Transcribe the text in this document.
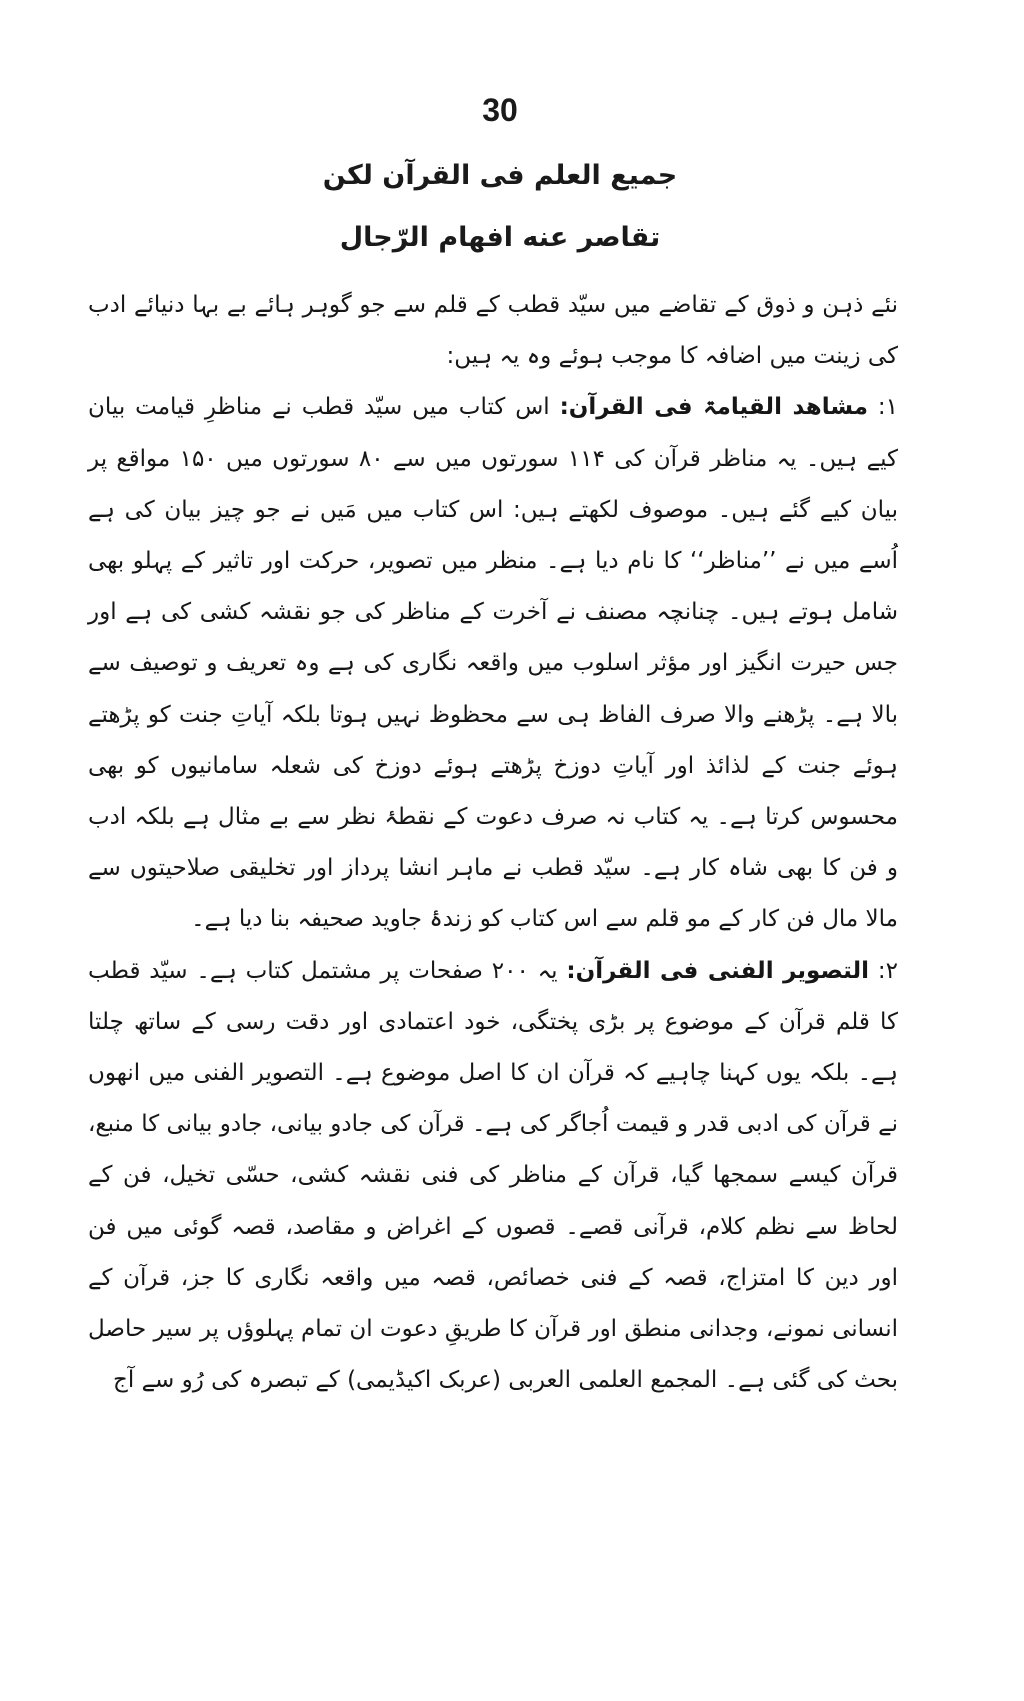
30
جمیع العلم فی القرآن لکن
تقاصر عنه افهام الرّجال

نئے ذہن و ذوق کے تقاضے میں سیّد قطب کے قلم سے جو گوہر ہائے بے بہا دنیائے ادب کی زینت میں اضافہ کا موجب ہوئے وہ یہ ہیں:

۱: مشاھد القیامۃ فی القرآن: اس کتاب میں سیّد قطب نے مناظرِ قیامت بیان کیے ہیں۔ یہ مناظر قرآن کی ۱۱۴ سورتوں میں سے ۸۰ سورتوں میں ۱۵۰ مواقع پر بیان کیے گئے ہیں۔ موصوف لکھتے ہیں: اس کتاب میں مَیں نے جو چیز بیان کی ہے اُسے میں نے ’’مناظر‘‘ کا نام دیا ہے۔ منظر میں تصویر، حرکت اور تاثیر کے پہلو بھی شامل ہوتے ہیں۔ چنانچہ مصنف نے آخرت کے مناظر کی جو نقشہ کشی کی ہے اور جس حیرت انگیز اور مؤثر اسلوب میں واقعہ نگاری کی ہے وہ تعریف و توصیف سے بالا ہے۔ پڑھنے والا صرف الفاظ ہی سے محظوظ نہیں ہوتا بلکہ آیاتِ جنت کو پڑھتے ہوئے جنت کے لذائذ اور آیاتِ دوزخ پڑھتے ہوئے دوزخ کی شعلہ سامانیوں کو بھی محسوس کرتا ہے۔ یہ کتاب نہ صرف دعوت کے نقطۂ نظر سے بے مثال ہے بلکہ ادب و فن کا بھی شاہ کار ہے۔ سیّد قطب نے ماہر انشا پرداز اور تخلیقی صلاحیتوں سے مالا مال فن کار کے مو قلم سے اس کتاب کو زندۂ جاوید صحیفہ بنا دیا ہے۔

۲: التصویر الفنی فی القرآن: یہ ۲۰۰ صفحات پر مشتمل کتاب ہے۔ سیّد قطب کا قلم قرآن کے موضوع پر بڑی پختگی، خود اعتمادی اور دقت رسی کے ساتھ چلتا ہے۔ بلکہ یوں کہنا چاہیے کہ قرآن ان کا اصل موضوع ہے۔ التصویر الفنی میں انھوں نے قرآن کی ادبی قدر و قیمت اُجاگر کی ہے۔ قرآن کی جادو بیانی، جادو بیانی کا منبع، قرآن کیسے سمجھا گیا، قرآن کے مناظر کی فنی نقشہ کشی، حسّی تخیل، فن کے لحاظ سے نظم کلام، قرآنی قصے۔ قصوں کے اغراض و مقاصد، قصہ گوئی میں فن اور دین کا امتزاج، قصہ کے فنی خصائص، قصہ میں واقعہ نگاری کا جز، قرآن کے انسانی نمونے، وجدانی منطق اور قرآن کا طریقِ دعوت ان تمام پہلوؤں پر سیر حاصل بحث کی گئی ہے۔ المجمع العلمی العربی (عربک اکیڈیمی) کے تبصرہ کی رُو سے آج
